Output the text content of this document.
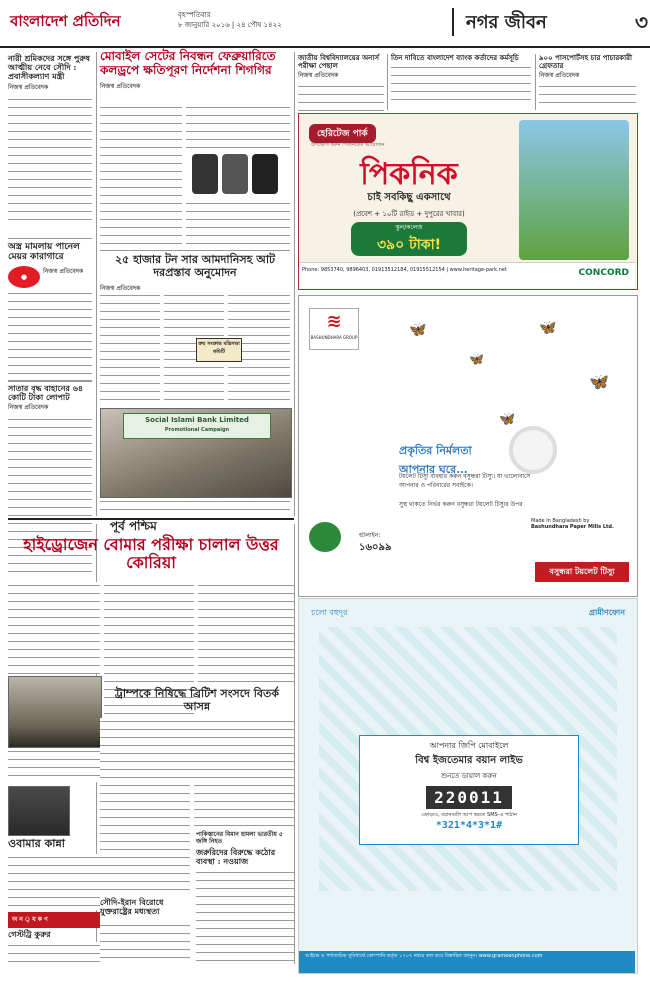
বাংলাদেশ প্রতিদিন	বৃহস্পতিবার
৮ জানুয়ারি ২০১৬ | ২৪ পৌষ ১৪২২	নগর জীবন	৩
নারী শ্রমিকদের সঙ্গে পুরুষ আত্মীয় নেবে সৌদি : প্রবাসীকল্যাণ মন্ত্রী
নিজস্ব প্রতিবেদক
অস্ত্র মামলায় পানেল মেয়র কারাগারে
●
নিজস্ব প্রতিবেদক
সাতার বৃদ্ধ বাহানের ৬৪ কোটি টাকা লোপাট
নিজস্ব প্রতিবেদক
মোবাইল সেটের নিবন্ধন ফেব্রুয়ারিতে কলড্রপে ক্ষতিপূরণ নির্দেশনা শিগগির
নিজস্ব প্রতিবেদক
২৫ হাজার টন সার আমদানিসহ আট দরপ্রস্তাব অনুমোদন
নিজস্ব প্রতিবেদক
ক্রয় সংক্রান্ত মন্ত্রিসভা কমিটি
Social Islami Bank Limited
Promotional Campaign
জাতীয় বিশ্ববিদ্যালয়ের অনার্স পরীক্ষা পেছাল
নিজস্ব প্রতিবেদক
তিন দাবিতে বাংলাদেশ ব্যাংক কর্তাদের কর্মসূচি	৯০০ পাসপোর্টসহ চার পাচারকারী গ্রেফতার
নিজস্ব প্রতিবেদক
হেরিটেজ পার্ক
উপভোগ করুন পিকনিকের আয়োজন
পিকনিক
চাই সবকিছু একসাথে
(প্রবেশ + ১০টি রাইড + দুপুরের খাবার)
স্কুল/কলেজ
৩৯০ টাকা!
Phone: 9853740, 9896403, 01913512184, 01915512154 | www.heritage-park.net	CONCORD
≋
BASHUNDHARA GROUP	🦋
🦋
🦋
🦋
🦋
প্রকৃতির নির্মলতা আপনার ঘরে...
টয়লেট টিস্যু ব্যবহার করুন বসুন্ধরা টিস্যু। যা ভালোবাসে আপনার ও পরিবারের সবাইকে।
সুস্থ থাকতে নির্ভর করুন বসুন্ধরা টয়লেট টিস্যুর উপর
হটলাইন:
১৬০৯৯
Made in Bangladesh by
Bashundhara Paper Mills Ltd.
বসুন্ধরা টয়লেট টিস্যু
পূর্ব পশ্চিম
হাইড্রোজেন বোমার পরীক্ষা চালাল উত্তর কোরিয়া
ট্রাম্পকে নিষিদ্ধে ব্রিটিশ সংসদে বিতর্ক আসন্ন
ওবামার কান্না
অ ন ্ য ক ণ
গেস্টট্রি কুরুর
সৌদি-ইরান বিরোধে যুক্তরাষ্ট্রের মধ্যস্থতা
পাকিস্তানের বিমান হামলা ভারতীয় ৫ জঙ্গি নিহত
জরুরিদের বিরুদ্ধে কঠোর ব্যবস্থা : নওয়াজ
চলো বহুদূর	গ্রামীণফোন
আপনার জিপি মোবাইলে
বিশ্ব ইজতেমার বয়ান লাইভ
শুনতে ডায়াল করুন
220011
এছাড়াও, বয়ানগুলি আপ করতে SMS-এ পাঠান
*321*4*3*1#
আইভে ও পর্দাতারিক সুবিধার্থে কোম্পানি কর্তৃক ১৭০৭ নম্বরে কল করে বিস্তারিত জানুন। www.grameenphone.com
